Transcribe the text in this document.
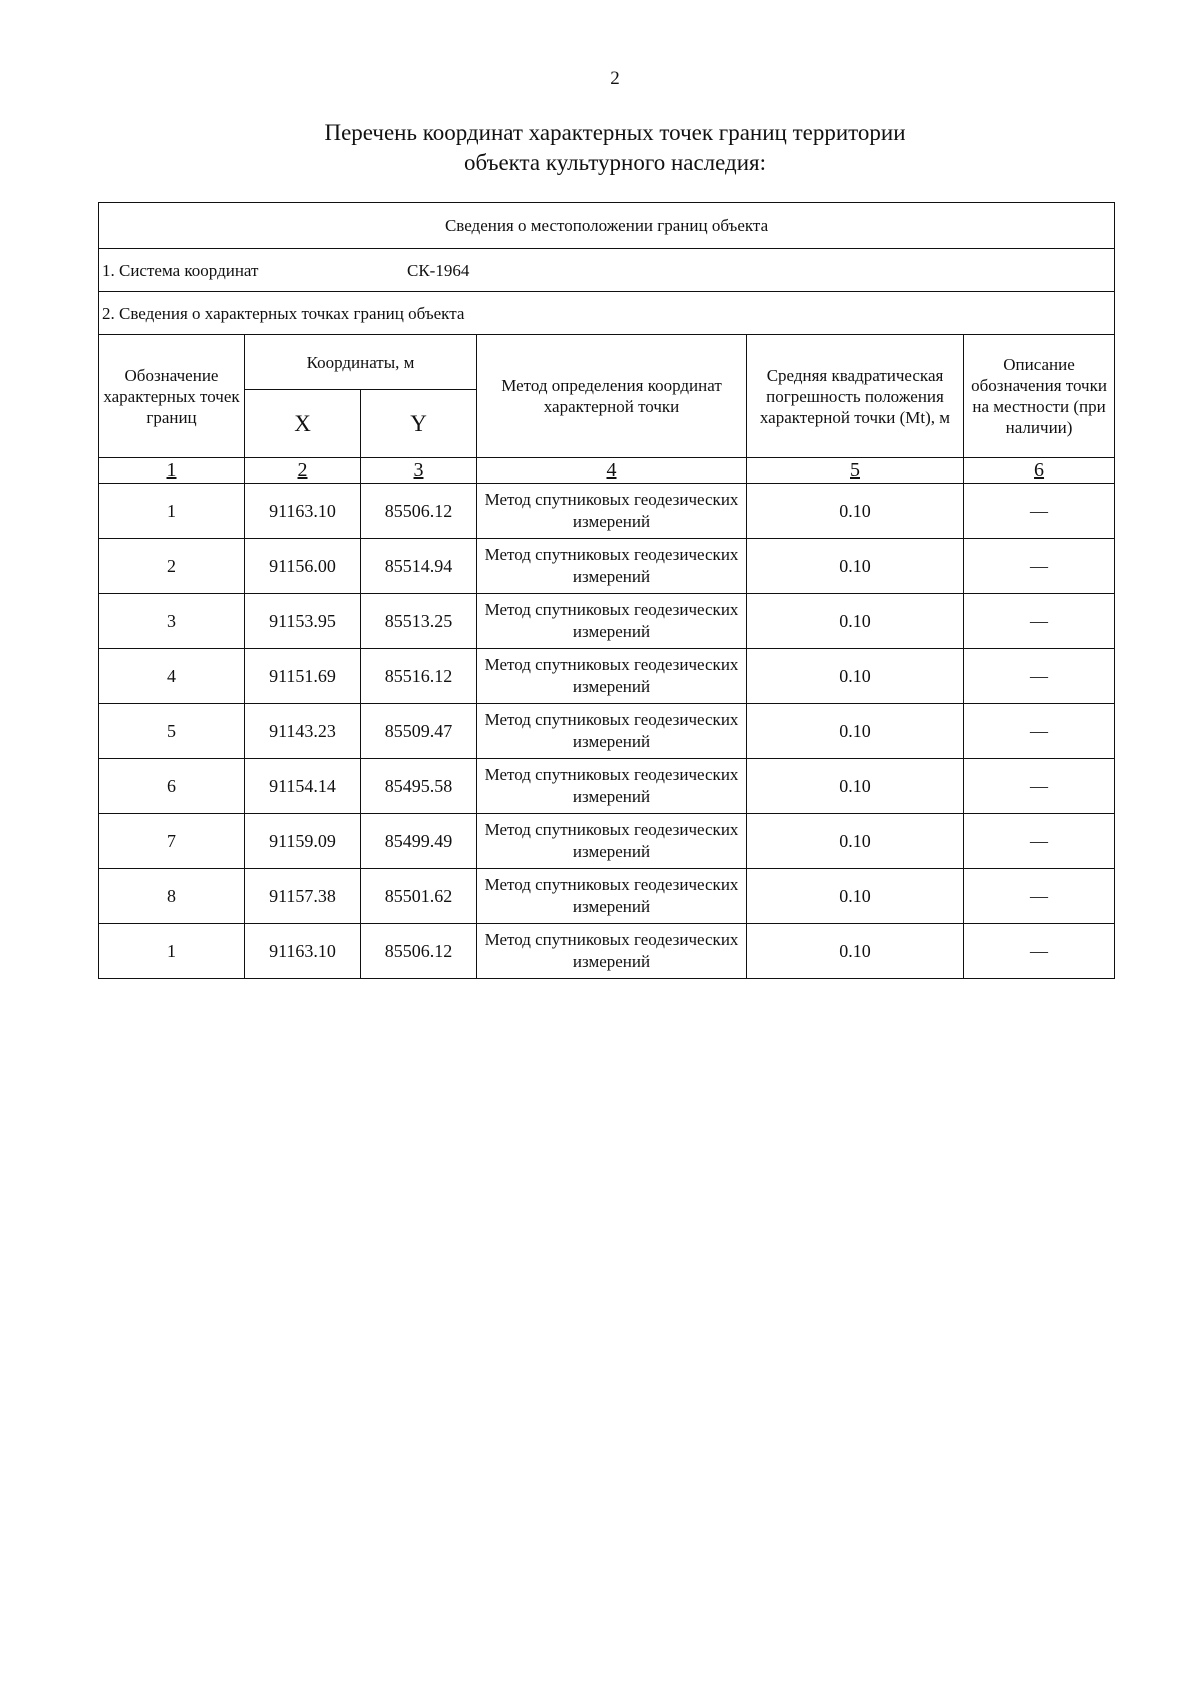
2
Перечень координат характерных точек границ территории
объекта культурного наследия:
Сведения о местоположении границ объекта					
1. Система координат СК-1964					
2. Сведения о характерных точках границ объекта					
Обозначение характерных точек границ	Координаты, м		Метод определения координат характерной точки	Средняя квадратическая погрешность положения характерной точки (Mt), м	Описание обозначения точки на местности (при наличии)
	X	Y			
1	2	3	4	5	6
1	91163.10	85506.12	Метод спутниковых геодезических измерений	0.10	—
2	91156.00	85514.94	Метод спутниковых геодезических измерений	0.10	—
3	91153.95	85513.25	Метод спутниковых геодезических измерений	0.10	—
4	91151.69	85516.12	Метод спутниковых геодезических измерений	0.10	—
5	91143.23	85509.47	Метод спутниковых геодезических измерений	0.10	—
6	91154.14	85495.58	Метод спутниковых геодезических измерений	0.10	—
7	91159.09	85499.49	Метод спутниковых геодезических измерений	0.10	—
8	91157.38	85501.62	Метод спутниковых геодезических измерений	0.10	—
1	91163.10	85506.12	Метод спутниковых геодезических измерений	0.10	—
